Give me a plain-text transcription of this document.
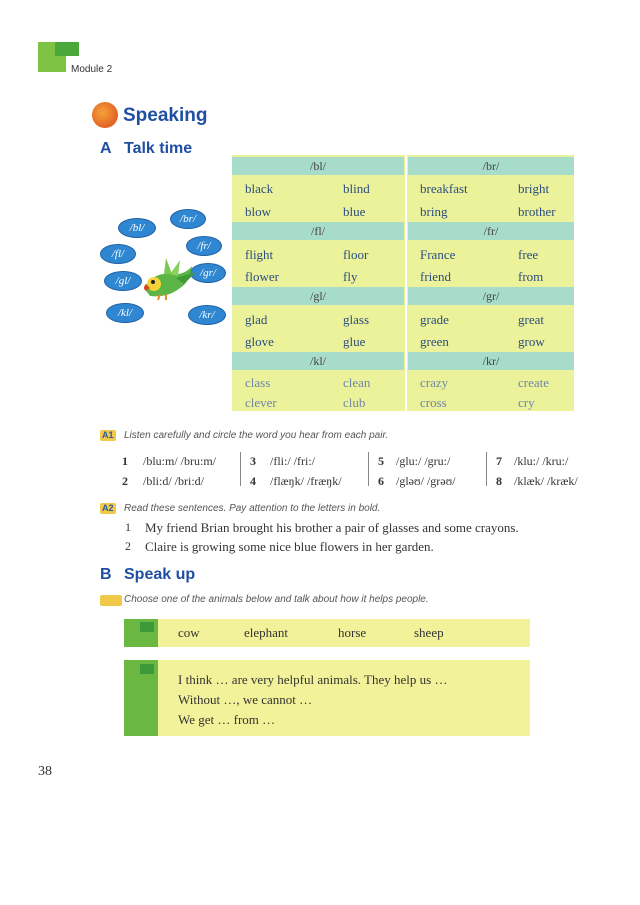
Module 2
Speaking
A Talk time
/bl/
/br/
/fl/
/fr/
/gl/
/gr/
/kl/	/kr/
/bl/	/br/
black	blind
blow	blue
breakfast	bright
bring	brother
/fl/	/fr/
flight	floor
flower	fly
France	free
friend	from
/gl/	/gr/
glad	glass
glove	glue
grade	great
green	grow
/kl/	/kr/
class	clean
clever	club
crazy	create
cross	cry
A1 Listen carefully and circle the word you hear from each pair.
1 /blu:m/ /bru:m/
2 /bli:d/ /bri:d/
3 /fli:/ /fri:/
4 /flæŋk/ /fræŋk/
5 /glu:/ /gru:/
6 /gləʊ/ /grəʊ/
7 /klu:/ /kru:/
8 /klæk/ /kræk/
A2 Read these sentences. Pay attention to the letters in bold.
1 My friend Brian brought his brother a pair of glasses and some crayons.
2 Claire is growing some nice blue flowers in her garden.
B Speak up
Choose one of the animals below and talk about how it helps people.
cow	elephant	horse	sheep
I think … are very helpful animals. They help us …
Without …, we cannot …
We get … from …
38
